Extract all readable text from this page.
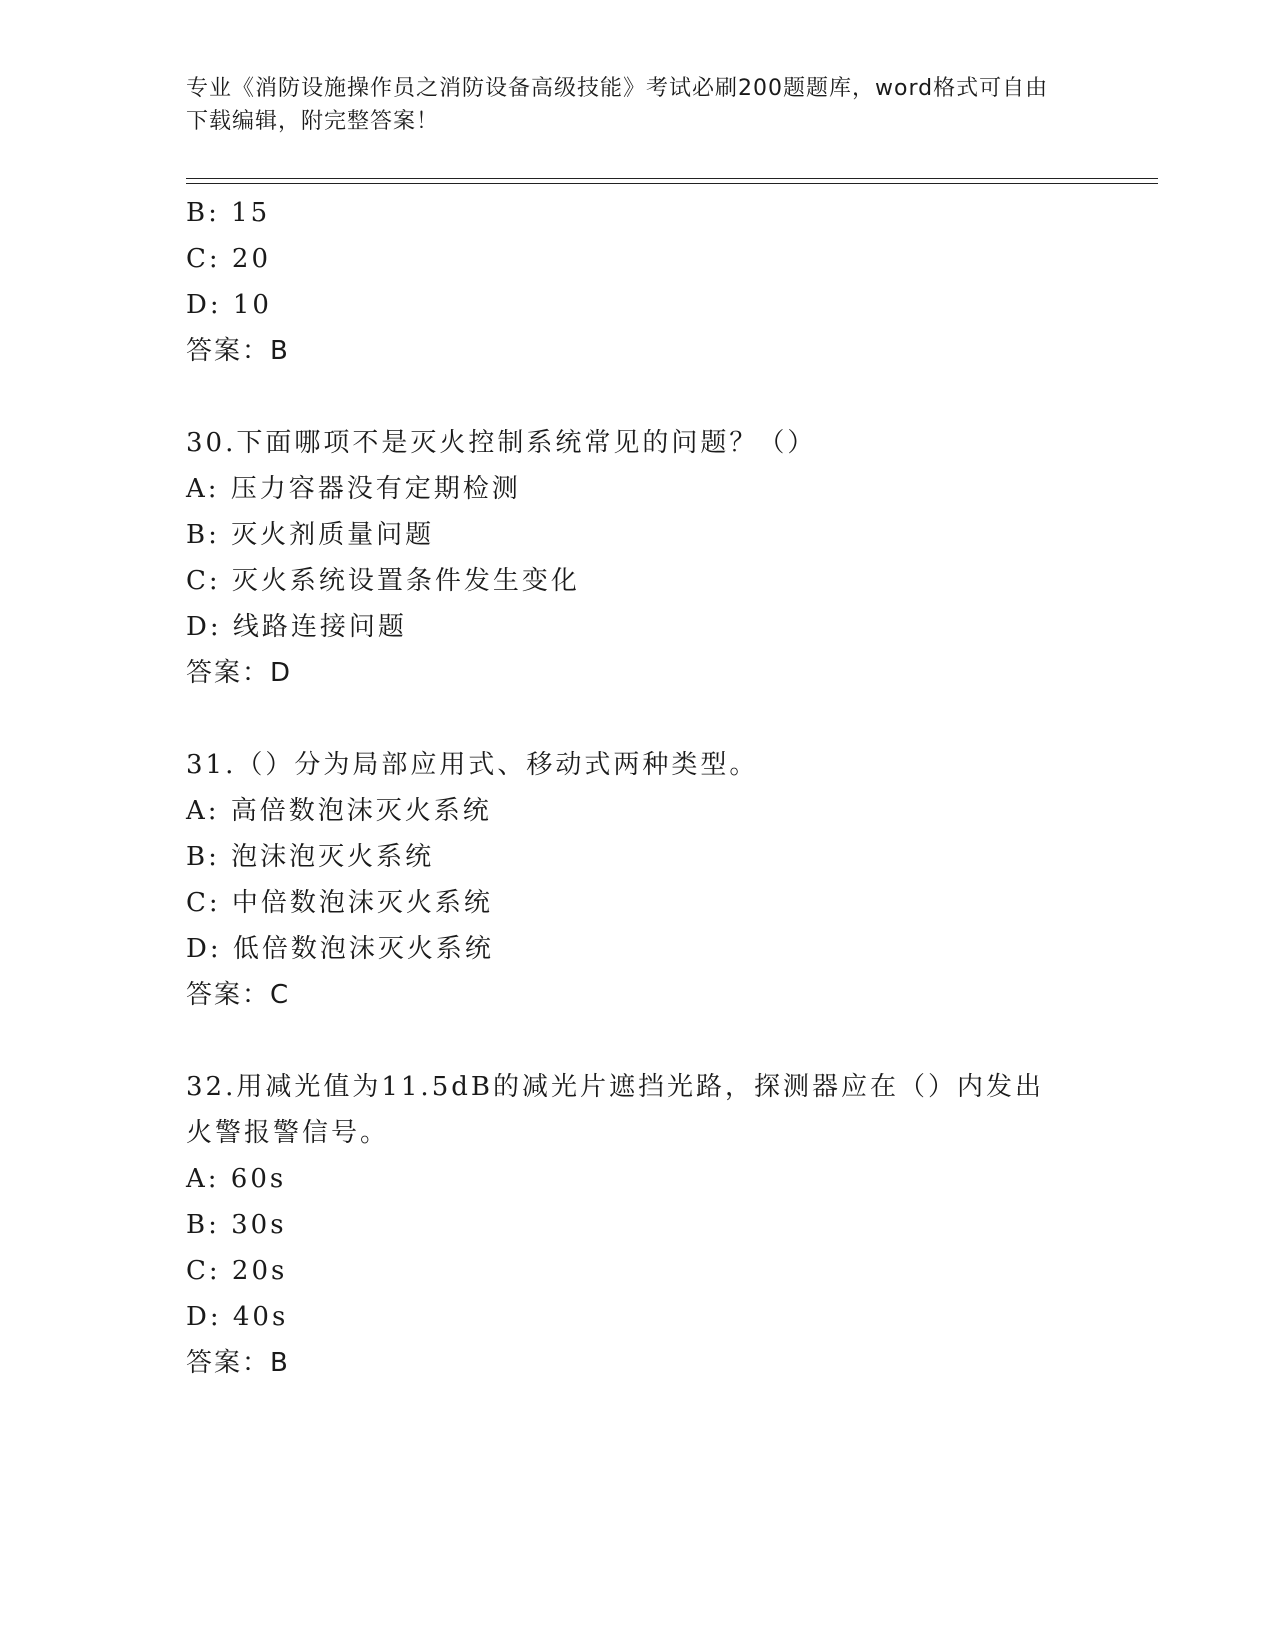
专业《消防设施操作员之消防设备高级技能》考试必刷200题题库，word格式可自由下载编辑，附完整答案！
B: 15
C: 20
D: 10
答案：B
30.下面哪项不是灭火控制系统常见的问题？（）
A: 压力容器没有定期检测
B: 灭火剂质量问题
C: 灭火系统设置条件发生变化
D: 线路连接问题
答案：D
31.（）分为局部应用式、移动式两种类型。
A: 高倍数泡沫灭火系统
B: 泡沫泡灭火系统
C: 中倍数泡沫灭火系统
D: 低倍数泡沫灭火系统
答案：C
32.用减光值为11.5dB的减光片遮挡光路，探测器应在（）内发出火警报警信号。
A: 60s
B: 30s
C: 20s
D: 40s
答案：B
